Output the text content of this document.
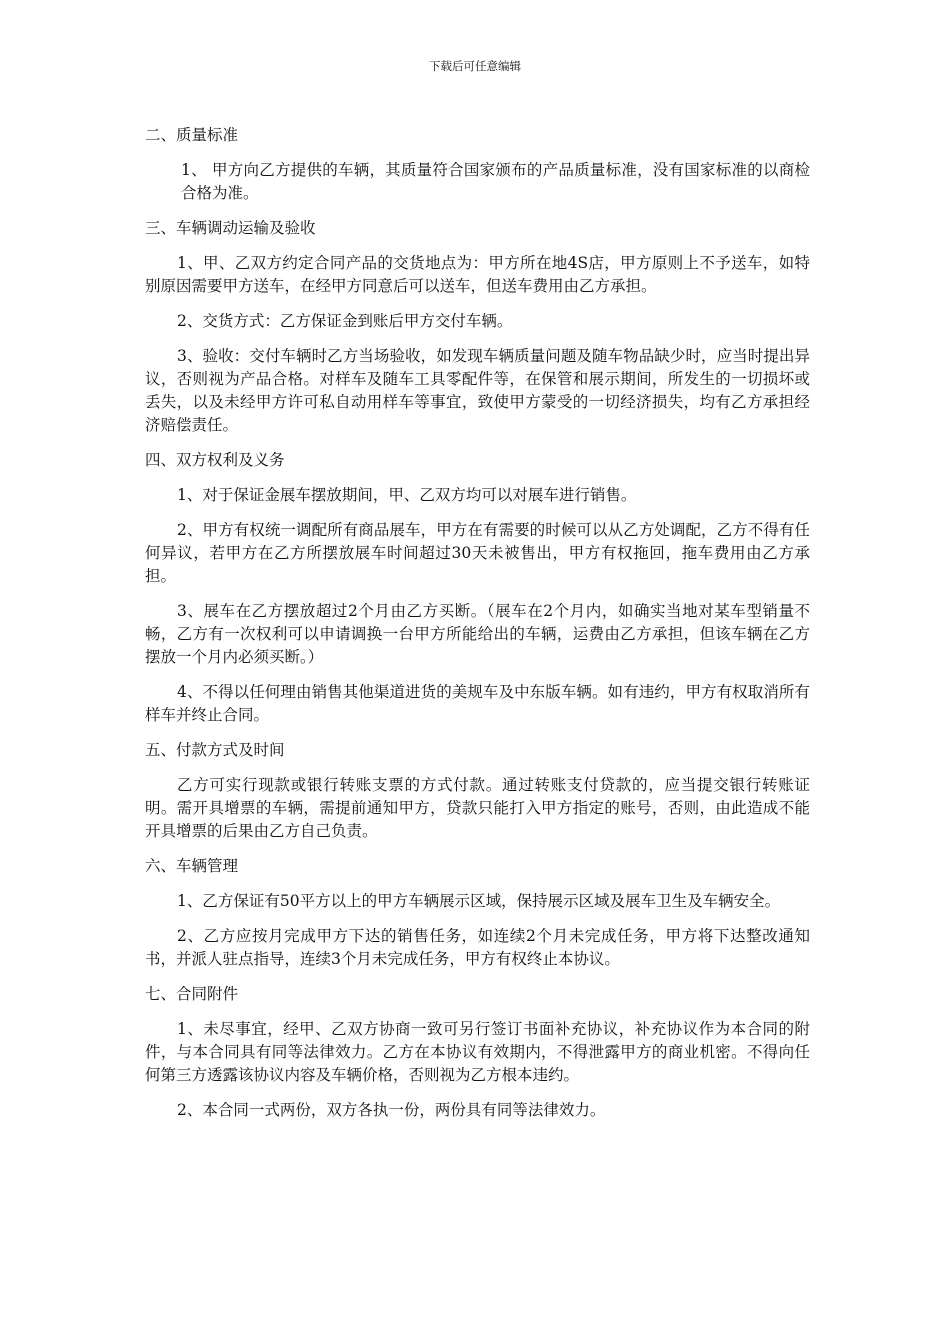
下载后可任意编辑

二、质量标准

1、 甲方向乙方提供的车辆，其质量符合国家颁布的产品质量标准，没有国家标准的以商检合格为准。

三、车辆调动运输及验收

1、甲、乙双方约定合同产品的交货地点为：甲方所在地4S店，甲方原则上不予送车，如特别原因需要甲方送车，在经甲方同意后可以送车，但送车费用由乙方承担。

2、交货方式：乙方保证金到账后甲方交付车辆。

3、验收：交付车辆时乙方当场验收，如发现车辆质量问题及随车物品缺少时，应当时提出异议，否则视为产品合格。对样车及随车工具零配件等，在保管和展示期间，所发生的一切损坏或丢失，以及未经甲方许可私自动用样车等事宜，致使甲方蒙受的一切经济损失，均有乙方承担经济赔偿责任。

四、双方权利及义务

1、对于保证金展车摆放期间，甲、乙双方均可以对展车进行销售。

2、甲方有权统一调配所有商品展车，甲方在有需要的时候可以从乙方处调配，乙方不得有任何异议，若甲方在乙方所摆放展车时间超过30天未被售出，甲方有权拖回，拖车费用由乙方承担。

3、展车在乙方摆放超过2个月由乙方买断。（展车在2个月内，如确实当地对某车型销量不畅，乙方有一次权利可以申请调换一台甲方所能给出的车辆，运费由乙方承担，但该车辆在乙方摆放一个月内必须买断。）

4、不得以任何理由销售其他渠道进货的美规车及中东版车辆。如有违约，甲方有权取消所有样车并终止合同。

五、付款方式及时间

乙方可实行现款或银行转账支票的方式付款。通过转账支付贷款的，应当提交银行转账证明。需开具增票的车辆，需提前通知甲方，贷款只能打入甲方指定的账号，否则，由此造成不能开具增票的后果由乙方自己负责。

六、车辆管理

1、乙方保证有50平方以上的甲方车辆展示区域，保持展示区域及展车卫生及车辆安全。

2、乙方应按月完成甲方下达的销售任务，如连续2个月未完成任务，甲方将下达整改通知书，并派人驻点指导，连续3个月未完成任务，甲方有权终止本协议。

七、合同附件

1、未尽事宜，经甲、乙双方协商一致可另行签订书面补充协议，补充协议作为本合同的附件，与本合同具有同等法律效力。乙方在本协议有效期内，不得泄露甲方的商业机密。不得向任何第三方透露该协议内容及车辆价格，否则视为乙方根本违约。

2、本合同一式两份，双方各执一份，两份具有同等法律效力。
